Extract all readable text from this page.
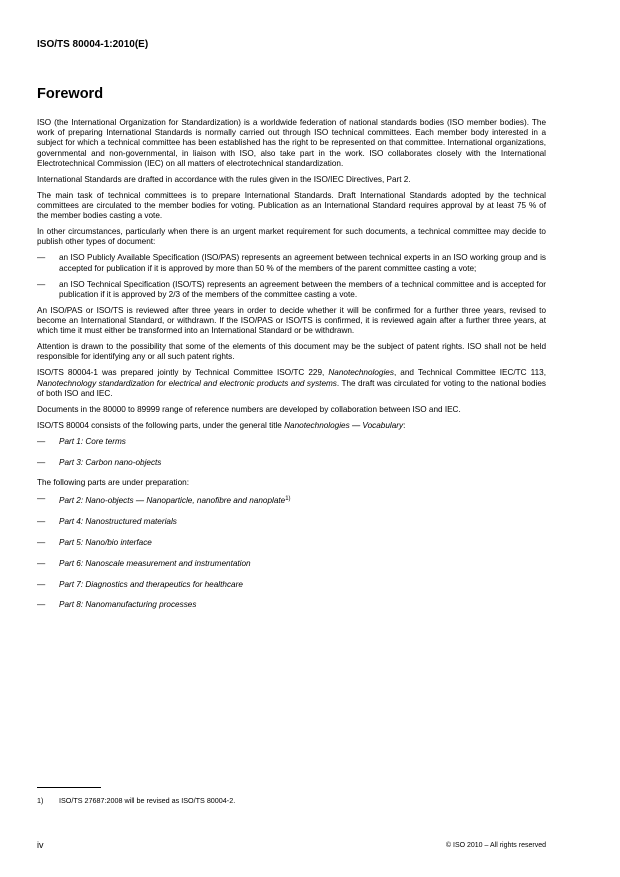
ISO/TS 80004-1:2010(E)
Foreword

ISO (the International Organization for Standardization) is a worldwide federation of national standards bodies (ISO member bodies). The work of preparing International Standards is normally carried out through ISO technical committees. Each member body interested in a subject for which a technical committee has been established has the right to be represented on that committee. International organizations, governmental and non-governmental, in liaison with ISO, also take part in the work. ISO collaborates closely with the International Electrotechnical Commission (IEC) on all matters of electrotechnical standardization.

International Standards are drafted in accordance with the rules given in the ISO/IEC Directives, Part 2.

The main task of technical committees is to prepare International Standards. Draft International Standards adopted by the technical committees are circulated to the member bodies for voting. Publication as an International Standard requires approval by at least 75 % of the member bodies casting a vote.

In other circumstances, particularly when there is an urgent market requirement for such documents, a technical committee may decide to publish other types of document:

—	an ISO Publicly Available Specification (ISO/PAS) represents an agreement between technical experts in an ISO working group and is accepted for publication if it is approved by more than 50 % of the members of the parent committee casting a vote;
—	an ISO Technical Specification (ISO/TS) represents an agreement between the members of a technical committee and is accepted for publication if it is approved by 2/3 of the members of the committee casting a vote.

An ISO/PAS or ISO/TS is reviewed after three years in order to decide whether it will be confirmed for a further three years, revised to become an International Standard, or withdrawn. If the ISO/PAS or ISO/TS is confirmed, it is reviewed again after a further three years, at which time it must either be transformed into an International Standard or be withdrawn.

Attention is drawn to the possibility that some of the elements of this document may be the subject of patent rights. ISO shall not be held responsible for identifying any or all such patent rights.

ISO/TS 80004-1 was prepared jointly by Technical Committee ISO/TC 229, Nanotechnologies, and Technical Committee IEC/TC 113, Nanotechnology standardization for electrical and electronic products and systems. The draft was circulated for voting to the national bodies of both ISO and IEC.

Documents in the 80000 to 89999 range of reference numbers are developed by collaboration between ISO and IEC.

ISO/TS 80004 consists of the following parts, under the general title Nanotechnologies — Vocabulary:

—	Part 1: Core terms
—	Part 3: Carbon nano-objects

The following parts are under preparation:

—	Part 2: Nano-objects — Nanoparticle, nanofibre and nanoplate$^{1)}$
—	Part 4: Nanostructured materials
—	Part 5: Nano/bio interface
—	Part 6: Nanoscale measurement and instrumentation
—	Part 7: Diagnostics and therapeutics for healthcare
—	Part 8: Nanomanufacturing processes
1)	ISO/TS 27687:2008 will be revised as ISO/TS 80004-2.
iv	© ISO 2010 – All rights reserved
